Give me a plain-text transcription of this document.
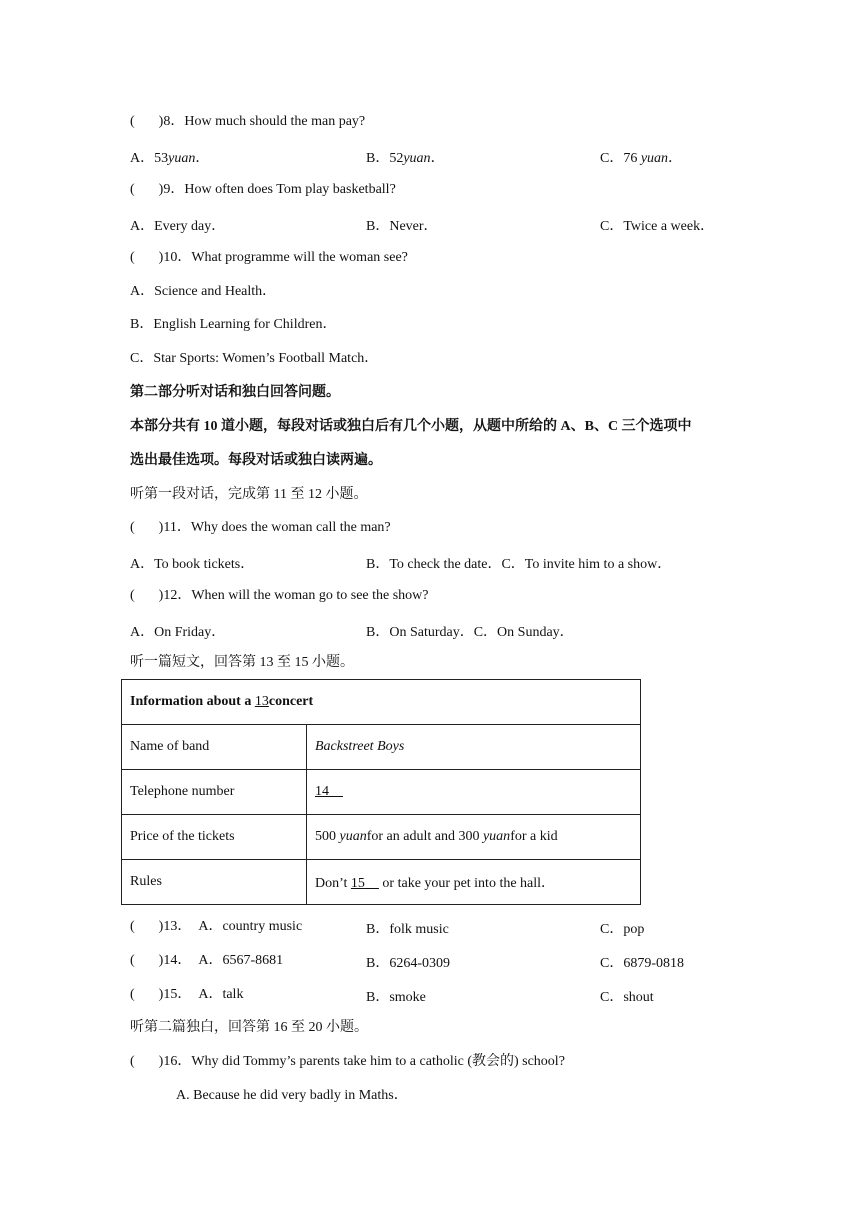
( )8．How much should the man pay?
A．53yuan．	B．52yuan．	C．76 yuan．
( )9．How often does Tom play basketball?
A．Every day．	B．Never．	C．Twice a week．
( )10．What programme will the woman see?
A．Science and Health．
B．English Learning for Children．
C．Star Sports: Women’s Football Match．
第二部分听对话和独白回答问题。
本部分共有 10 道小题，每段对话或独白后有几个小题，从题中所给的 A、B、C 三个选项中
选出最佳选项。每段对话或独白读两遍。
听第一段对话，完成第 11 至 12 小题。
( )11．Why does the woman call the man?
A．To book tickets．	B．To check the date．C．To invite him to a show．
( )12．When will the woman go to see the show?
A．On Friday．	B．On Saturday．C．On Sunday．
听一篇短文，回答第 13 至 15 小题。
Information about a 13concert	
Name of band	Backstreet Boys
Telephone number	14
Price of the tickets	500 yuanfor an adult and 300 yuanfor a kid
Rules	Don’t 15     or take your pet into the hall．
( )13．　A．country music	B．folk music	C．pop
( )14．　A．6567-8681	B．6264-0309	C．6879-0818
( )15．　A．talk	B．smoke	C．shout
听第二篇独白，回答第 16 至 20 小题。
( )16．Why did Tommy’s parents take him to a catholic (教会的) school?
A. Because he did very badly in Maths．
